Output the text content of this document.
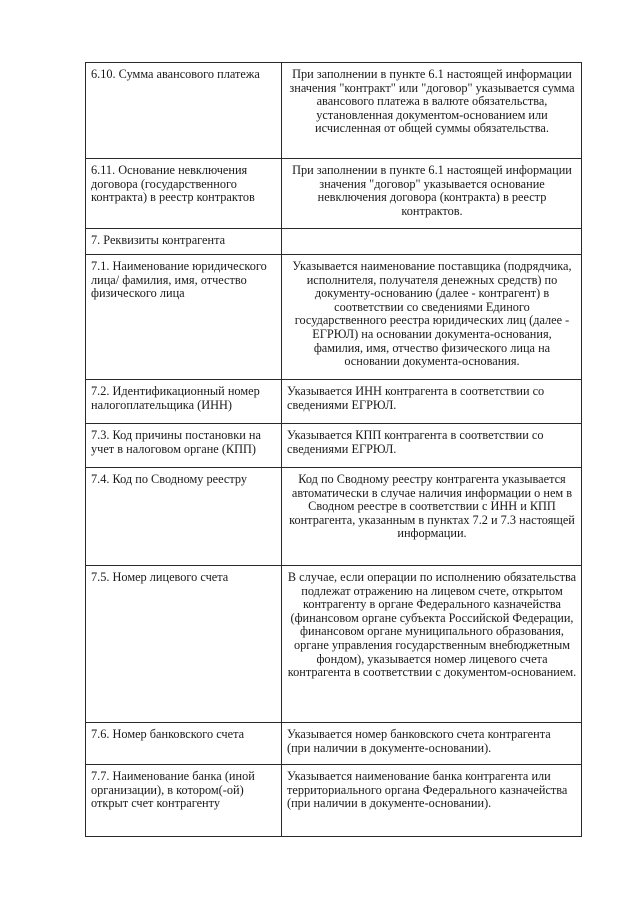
6.10. Сумма авансового платежа	При заполнении в пункте 6.1 настоящей информации значения "контракт" или "договор" указывается сумма авансового платежа в валюте обязательства, установленная документом-основанием или исчисленная от общей суммы обязательства.
6.11. Основание невключения договора (государственного контракта) в реестр контрактов	При заполнении в пункте 6.1 настоящей информации значения "договор" указывается основание невключения договора (контракта) в реестр контрактов.
7. Реквизиты контрагента	
7.1. Наименование юридического лица/ фамилия, имя, отчество физического лица	Указывается наименование поставщика (подрядчика, исполнителя, получателя денежных средств) по документу-основанию (далее - контрагент) в соответствии со сведениями Единого государственного реестра юридических лиц (далее - ЕГРЮЛ) на основании документа-основания, фамилия, имя, отчество физического лица на основании документа-основания.
7.2. Идентификационный номер налогоплательщика (ИНН)	Указывается ИНН контрагента в соответствии со сведениями ЕГРЮЛ.
7.3. Код причины постановки на учет в налоговом органе (КПП)	Указывается КПП контрагента в соответствии со сведениями ЕГРЮЛ.
7.4. Код по Сводному реестру	Код по Сводному реестру контрагента указывается автоматически в случае наличия информации о нем в Сводном реестре в соответствии с ИНН и КПП контрагента, указанным в пунктах 7.2 и 7.3 настоящей информации.
7.5. Номер лицевого счета	В случае, если операции по исполнению обязательства подлежат отражению на лицевом счете, открытом контрагенту в органе Федерального казначейства (финансовом органе субъекта Российской Федерации, финансовом органе муниципального образования, органе управления государственным внебюджетным фондом), указывается номер лицевого счета контрагента в соответствии с документом-основанием.
7.6. Номер банковского счета	Указывается номер банковского счета контрагента (при наличии в документе-основании).
7.7. Наименование банка (иной организации), в котором(-ой) открыт счет контрагенту	Указывается наименование банка контрагента или территориального органа Федерального казначейства (при наличии в документе-основании).
